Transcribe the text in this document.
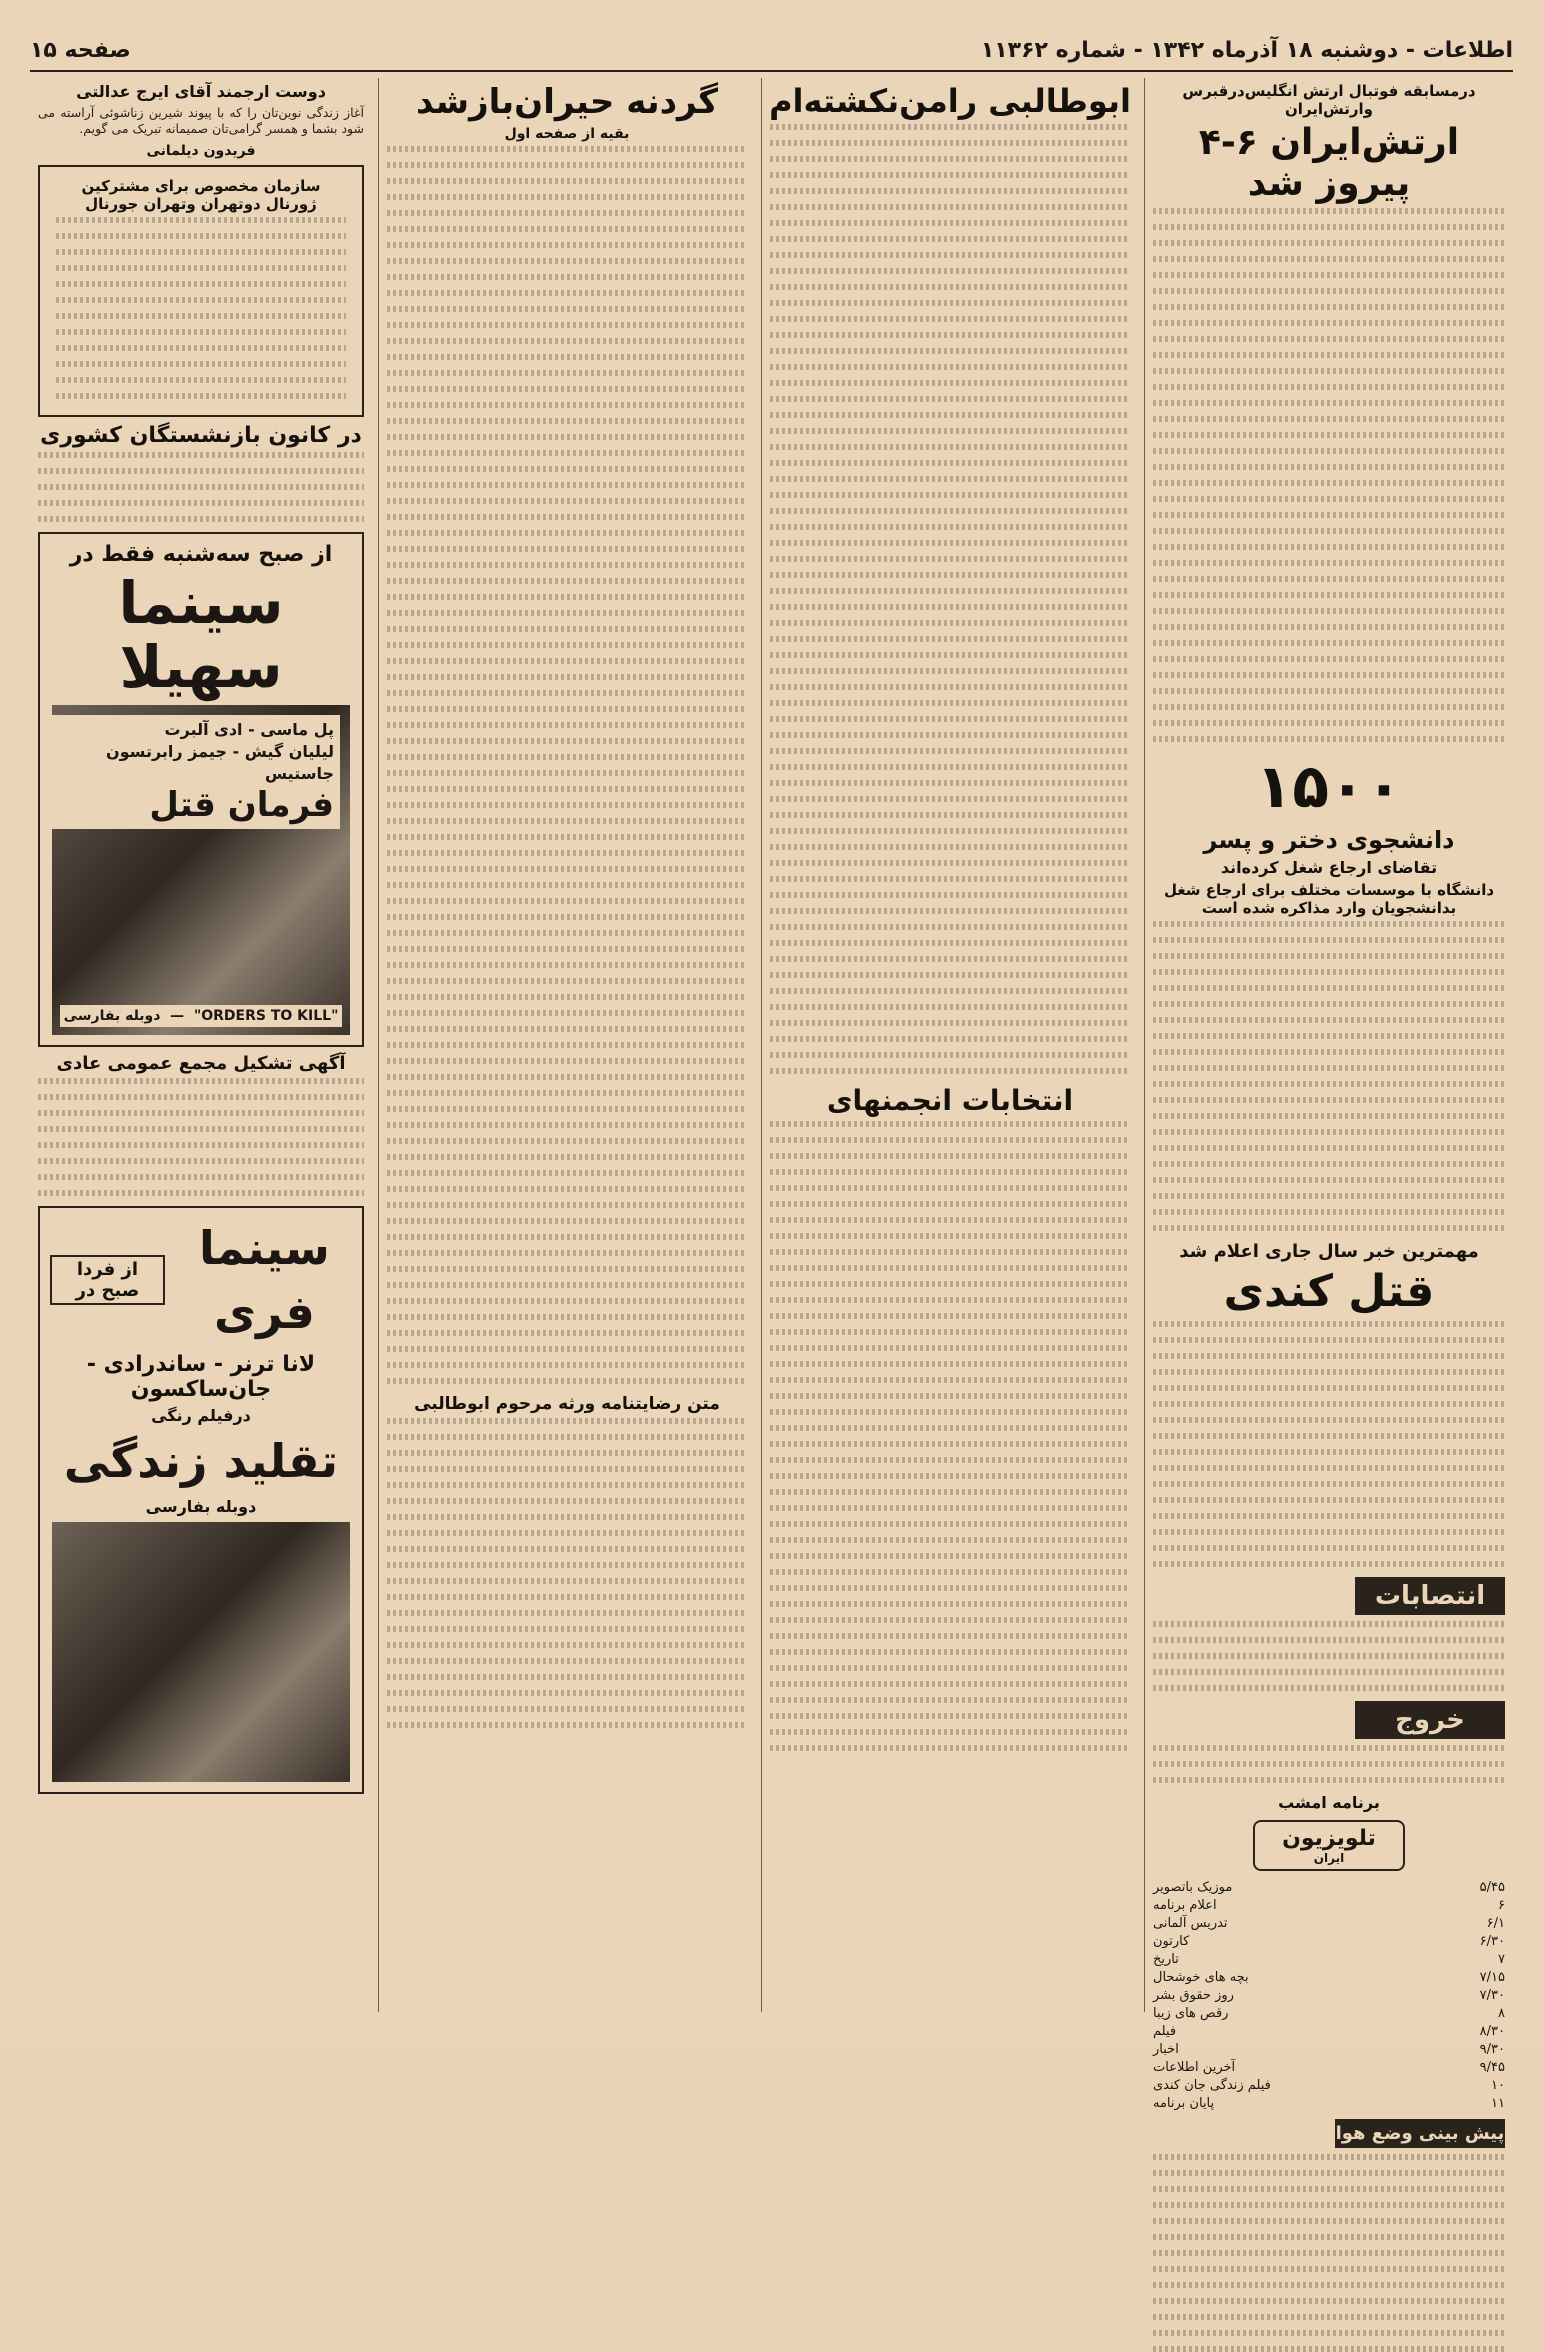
اطلاعات - دوشنبه ۱۸ آذرماه ۱۳۴۲ - شماره ۱۱۳۶۲
صفحه ۱۵
درمسابقه فوتبال ارتش انگلیس‌درقبرس وارتش‌ایران
ارتش‌ایران ۶-۴ پیروز شد
۱۵۰۰
دانشجوی دختر و پسر
تقاضای ارجاع شغل کرده‌اند
دانشگاه با موسسات مختلف برای ارجاع شغل بدانشجویان وارد مذاکره شده است
مهمترین خبر سال جاری اعلام شد
قتل کندی
انتصابات
خروج
برنامه امشب
تلویزیون
ایران
۵/۴۵
موزیک باتصویر
۶
اعلام برنامه
۶/۱
تدریس آلمانی
۶/۳۰
کارتون
۷
تاریخ
۷/۱۵
بچه های خوشحال
۷/۳۰
روز حقوق بشر
۸
رقص های زیبا
۸/۳۰
فیلم
۹/۳۰
اخبار
۹/۴۵
آخرین اطلاعات
۱۰
فیلم زندگی جان کندی
۱۱
پایان برنامه
پیش بینی وضع هوا
ابوطالبی رامن‌نکشته‌ام
انتخابات انجمنهای
گردنه حیران‌بازشد
بقیه از صفحه اول
متن رضایتنامه ورثه مرحوم ابوطالبی
دوست ارجمند آقای ایرج عدالتی

آغاز زندگی نوین‌تان را که با پیوند شیرین زناشوئی آراسته می شود بشما و همسر گرامی‌تان صمیمانه تبریک می گویم.

فریدون دیلمانی
سازمان مخصوص برای مشترکین ژورنال دوتهران وتهران جورنال
در کانون بازنشستگان کشوری
از صبح سه‌شنبه فقط در
سینما سهیلا
پل ماسی - ادی آلبرت
لیلیان گیش - جیمز رابرتسون جاستیس
فرمان قتل
"ORDERS TO KILL"  —  دوبله بفارسی
آگهی تشکیل مجمع عمومی عادی
سینما فری
از فردا صبح در
لانا ترنر - ساندرادی - جان‌ساکسون
درفیلم رنگی
تقلید زندگی
دوبله بفارسی
